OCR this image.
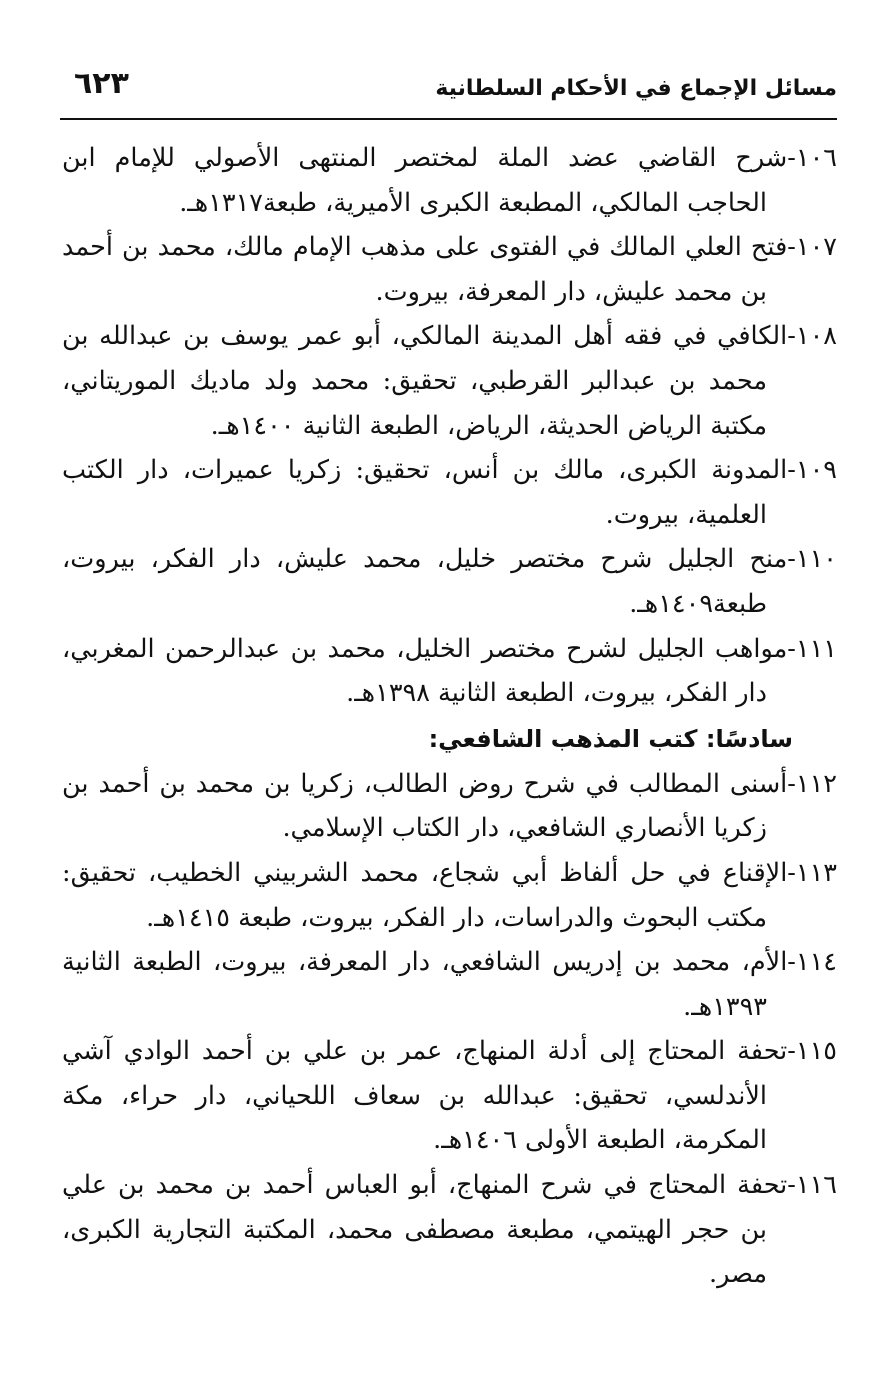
مسائل الإجماع في الأحكام السلطانية
٦٢٣

١٠٦-شرح القاضي عضد الملة لمختصر المنتهى الأصولي للإمام ابن الحاجب المالكي، المطبعة الكبرى الأميرية، طبعة١٣١٧هـ.

١٠٧-فتح العلي المالك في الفتوى على مذهب الإمام مالك، محمد بن أحمد بن محمد عليش، دار المعرفة، بيروت.

١٠٨-الكافي في فقه أهل المدينة المالكي، أبو عمر يوسف بن عبدالله بن محمد بن عبدالبر القرطبي، تحقيق: محمد ولد ماديك الموريتاني، مكتبة الرياض الحديثة، الرياض، الطبعة الثانية ١٤٠٠هـ.

١٠٩-المدونة الكبرى، مالك بن أنس، تحقيق: زكريا عميرات، دار الكتب العلمية، بيروت.

١١٠-منح الجليل شرح مختصر خليل، محمد عليش، دار الفكر، بيروت، طبعة١٤٠٩هـ.

١١١-مواهب الجليل لشرح مختصر الخليل، محمد بن عبدالرحمن المغربي، دار الفكر، بيروت، الطبعة الثانية ١٣٩٨هـ.

سادسًا: كتب المذهب الشافعي:

١١٢-أسنى المطالب في شرح روض الطالب، زكريا بن محمد بن أحمد بن زكريا الأنصاري الشافعي، دار الكتاب الإسلامي.

١١٣-الإقناع في حل ألفاظ أبي شجاع، محمد الشربيني الخطيب، تحقيق: مكتب البحوث والدراسات، دار الفكر، بيروت، طبعة ١٤١٥هـ.

١١٤-الأم، محمد بن إدريس الشافعي، دار المعرفة، بيروت، الطبعة الثانية ١٣٩٣هـ.

١١٥-تحفة المحتاج إلى أدلة المنهاج، عمر بن علي بن أحمد الوادي آشي الأندلسي، تحقيق: عبدالله بن سعاف اللحياني، دار حراء، مكة المكرمة، الطبعة الأولى ١٤٠٦هـ.

١١٦-تحفة المحتاج في شرح المنهاج، أبو العباس أحمد بن محمد بن علي بن حجر الهيتمي، مطبعة مصطفى محمد، المكتبة التجارية الكبرى، مصر.
